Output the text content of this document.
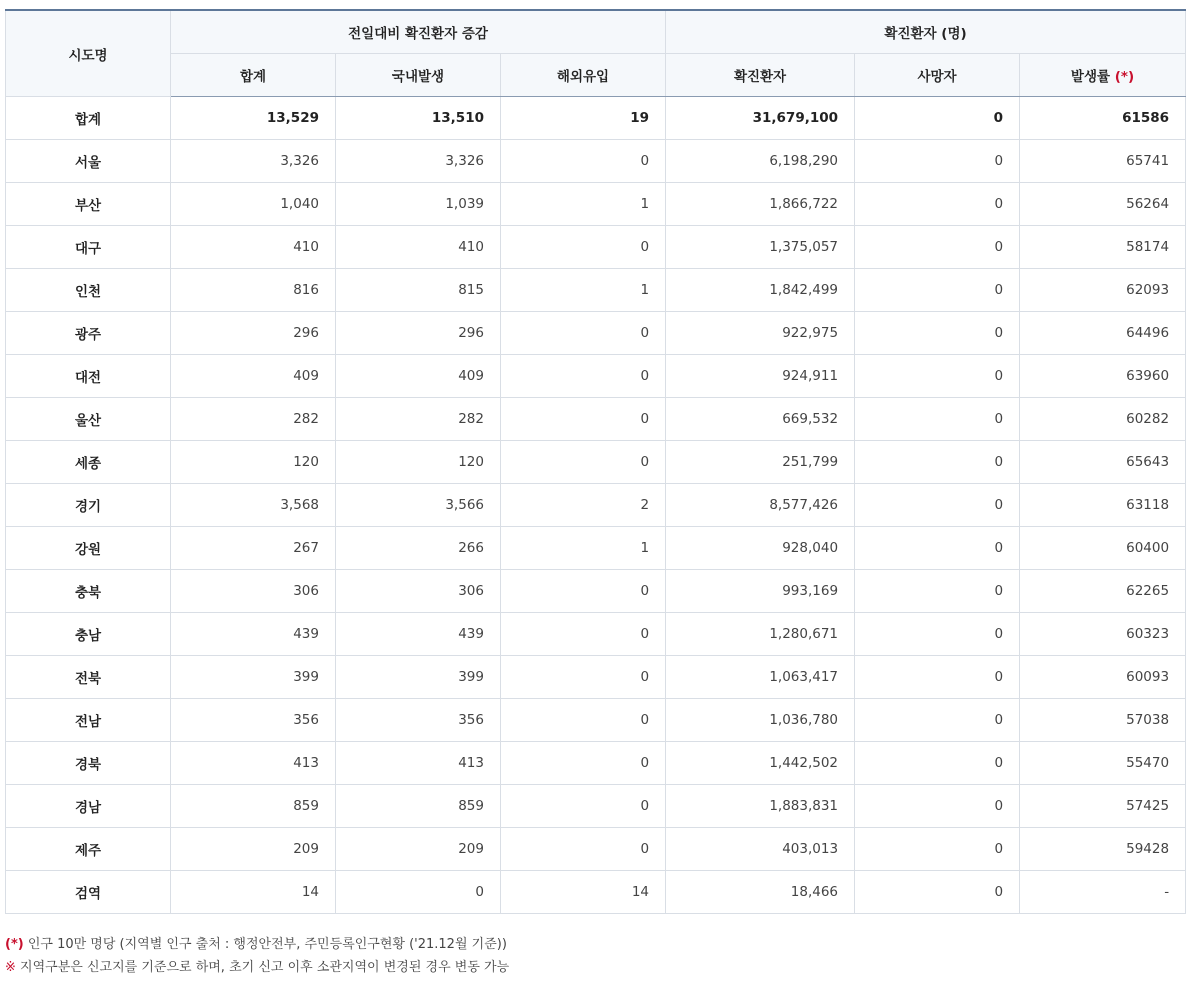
시도명	전일대비 확진환자 증감			확진환자 (명)		
	합계	국내발생	해외유입	확진환자	사망자	발생률 (*)
합계	13,529	13,510	19	31,679,100	0	61586
서울	3,326	3,326	0	6,198,290	0	65741
부산	1,040	1,039	1	1,866,722	0	56264
대구	410	410	0	1,375,057	0	58174
인천	816	815	1	1,842,499	0	62093
광주	296	296	0	922,975	0	64496
대전	409	409	0	924,911	0	63960
울산	282	282	0	669,532	0	60282
세종	120	120	0	251,799	0	65643
경기	3,568	3,566	2	8,577,426	0	63118
강원	267	266	1	928,040	0	60400
충북	306	306	0	993,169	0	62265
충남	439	439	0	1,280,671	0	60323
전북	399	399	0	1,063,417	0	60093
전남	356	356	0	1,036,780	0	57038
경북	413	413	0	1,442,502	0	55470
경남	859	859	0	1,883,831	0	57425
제주	209	209	0	403,013	0	59428
검역	14	0	14	18,466	0	-
(*) 인구 10만 명당 (지역별 인구 출처 : 행정안전부, 주민등록인구현황 ('21.12월 기준))
※ 지역구분은 신고지를 기준으로 하며, 초기 신고 이후 소관지역이 변경된 경우 변동 가능
